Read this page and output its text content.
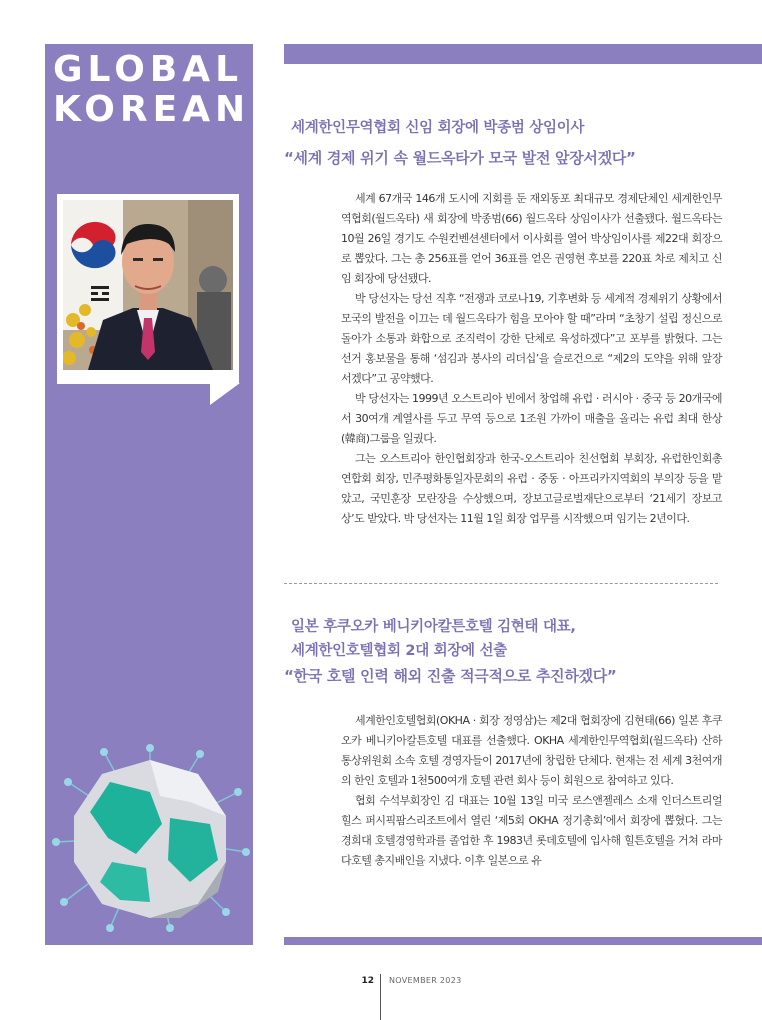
GLOBAL
KOREAN	세계한인무역협회 신임 회장에 박종범 상임이사
“세계 경제 위기 속 월드옥타가 모국 발전 앞장서겠다”

세계 67개국 146개 도시에 지회를 둔 재외동포 최대규모 경제단체인 세계한인무역협회(월드옥타) 새 회장에 박종범(66) 월드옥타 상임이사가 선출됐다. 월드옥타는 10월 26일 경기도 수원컨벤션센터에서 이사회를 열어 박상임이사를 제22대 회장으로 뽑았다. 그는 총 256표를 얻어 36표를 얻은 권영현 후보를 220표 차로 제치고 신임 회장에 당선됐다.

박 당선자는 당선 직후 “전쟁과 코로나19, 기후변화 등 세계적 경제위기 상황에서 모국의 발전을 이끄는 데 월드옥타가 힘을 모아야 할 때”라며 “초창기 설립 정신으로 돌아가 소통과 화합으로 조직력이 강한 단체로 육성하겠다”고 포부를 밝혔다. 그는 선거 홍보물을 통해 ‘섬김과 봉사의 리더십’을 슬로건으로 “제2의 도약을 위해 앞장서겠다”고 공약했다.

박 당선자는 1999년 오스트리아 빈에서 창업해 유럽 · 러시아 · 중국 등 20개국에서 30여개 계열사를 두고 무역 등으로 1조원 가까이 매출을 올리는 유럽 최대 한상(韓商)그룹을 일궜다.

그는 오스트리아 한인협회장과 한국-오스트리아 친선협회 부회장, 유럽한인회총연합회 회장, 민주평화통일자문회의 유럽 · 중동 · 아프리카지역회의 부의장 등을 맡았고, 국민훈장 모란장을 수상했으며, 장보고글로벌재단으로부터 ‘21세기 장보고 상’도 받았다. 박 당선자는 11월 1일 회장 업무를 시작했으며 임기는 2년이다.

일본 후쿠오카 베니키아칼튼호텔 김현태 대표,
세계한인호텔협회 2대 회장에 선출
“한국 호텔 인력 해외 진출 적극적으로 추진하겠다”

세계한인호텔협회(OKHA · 회장 정영삼)는 제2대 협회장에 김현태(66) 일본 후쿠오카 베니키아칼튼호텔 대표를 선출했다. OKHA 세계한인무역협회(월드옥타) 산하 통상위원회 소속 호텔 경영자들이 2017년에 창립한 단체다. 현재는 전 세계 3천여개의 한인 호텔과 1천500여개 호텔 관련 회사 등이 회원으로 참여하고 있다.

협회 수석부회장인 김 대표는 10월 13일 미국 로스앤젤레스 소재 인더스트리얼 힐스 퍼시픽팜스리조트에서 열린 ‘제5회 OKHA 정기총회’에서 회장에 뽑혔다. 그는 경희대 호텔경영학과를 졸업한 후 1983년 롯데호텔에 입사해 힐튼호텔을 거쳐 라마다호텔 총지배인을 지냈다. 이후 일본으로 유

12 NOVEMBER 2023
